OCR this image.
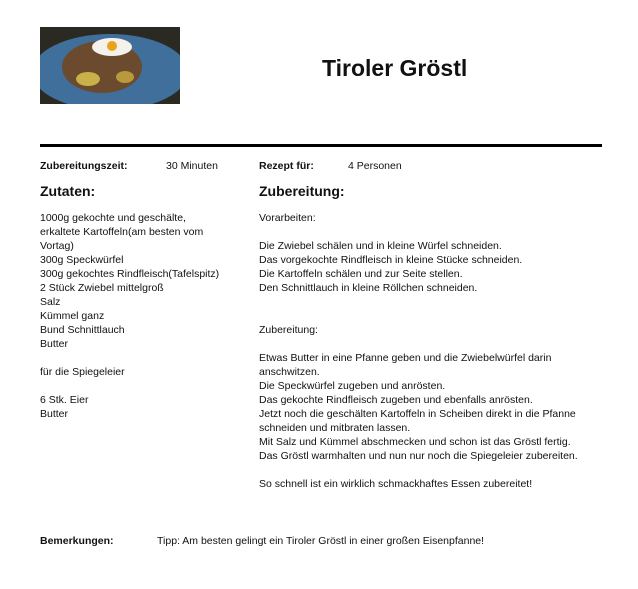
Tiroler Gröstl
Zubereitungszeit:	30 Minuten	Rezept für:	4 Personen
Zutaten:	Zubereitung:
1000g gekochte und geschälte,
erkaltete Kartoffeln(am besten vom
Vortag)
300g Speckwürfel
300g gekochtes Rindfleisch(Tafelspitz)
2 Stück Zwiebel mittelgroß
Salz
Kümmel ganz
Bund Schnittlauch
Butter
für die Spiegeleier
6 Stk. Eier
Butter
Vorarbeiten:
Die Zwiebel schälen und in kleine Würfel schneiden.
Das vorgekochte Rindfleisch in kleine Stücke schneiden.
Die Kartoffeln schälen und zur Seite stellen.
Den Schnittlauch in kleine Röllchen schneiden.
Zubereitung:
Etwas Butter in eine Pfanne geben und die Zwiebelwürfel darin
anschwitzen.
Die Speckwürfel zugeben und anrösten.
Das gekochte Rindfleisch zugeben und ebenfalls anrösten.
Jetzt noch die geschälten Kartoffeln in Scheiben direkt in die Pfanne
schneiden und mitbraten lassen.
Mit Salz und Kümmel abschmecken und schon ist das Gröstl fertig.
Das Gröstl warmhalten und nun nur noch die Spiegeleier zubereiten.
So schnell ist ein wirklich schmackhaftes Essen zubereitet!
Bemerkungen:	Tipp: Am besten gelingt ein Tiroler Gröstl in einer großen Eisenpfanne!
